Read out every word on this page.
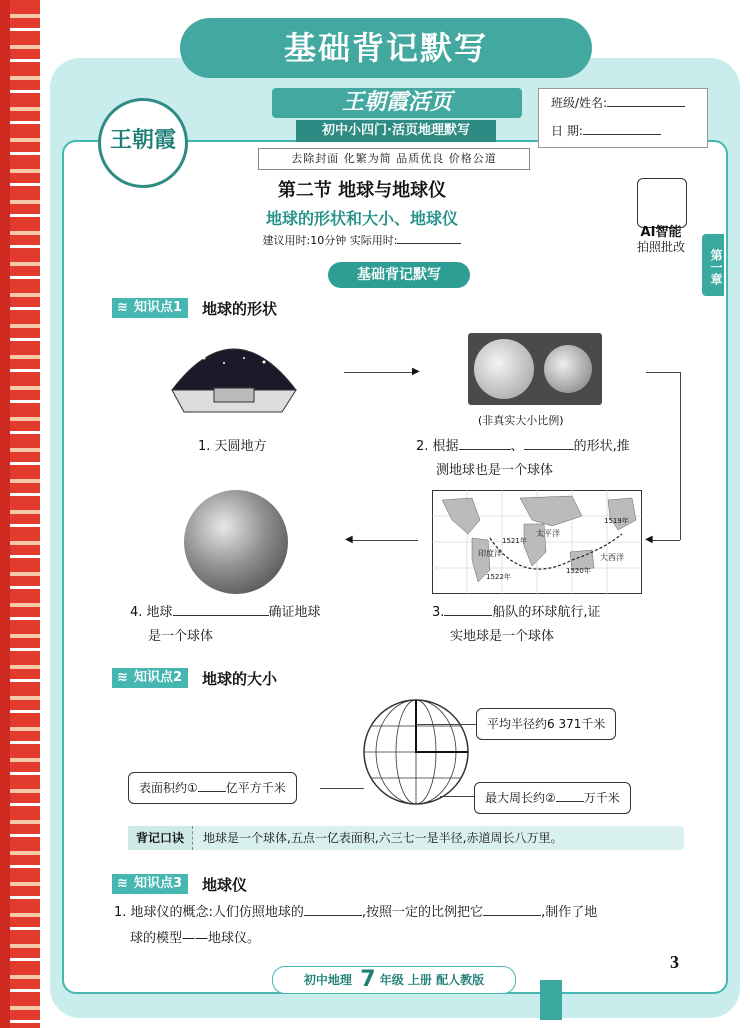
基础背记默写
王朝霞
王朝霞活页
初中小四门·活页地理默写
去除封面 化繁为简 品质优良 价格公道
班级/姓名:
日 期:
第二节 地球与地球仪
地球的形状和大小、地球仪
建议用时:10分钟 实际用时:
AI智能
拍照批改
第一章
基础背记默写
≋ 知识点1	地球的形状
1. 天圆地方
▶
(非真实大小比例)
2. 根据	、	的形状,推
测地球也是一个球体
◀
太平洋
印度洋	大西洋
1519年
1522年
1521年
1520年
3.	船队的环球航行,证
实地球是一个球体
◀
4. 地球	确证地球
是一个球体
≋ 知识点2	地球的大小
平均半径约6 371千米
表面积约① 亿平方千米
最大周长约② 万千米
背记口诀 地球是一个球体,五点一亿表面积,六三七一是半径,赤道周长八万里。
≋ 知识点3	地球仪
1. 地球仪的概念:人们仿照地球的	,按照一定的比例把它	,制作了地
球的模型——地球仪。
初中地理 7 年级 上册 配人教版
3
